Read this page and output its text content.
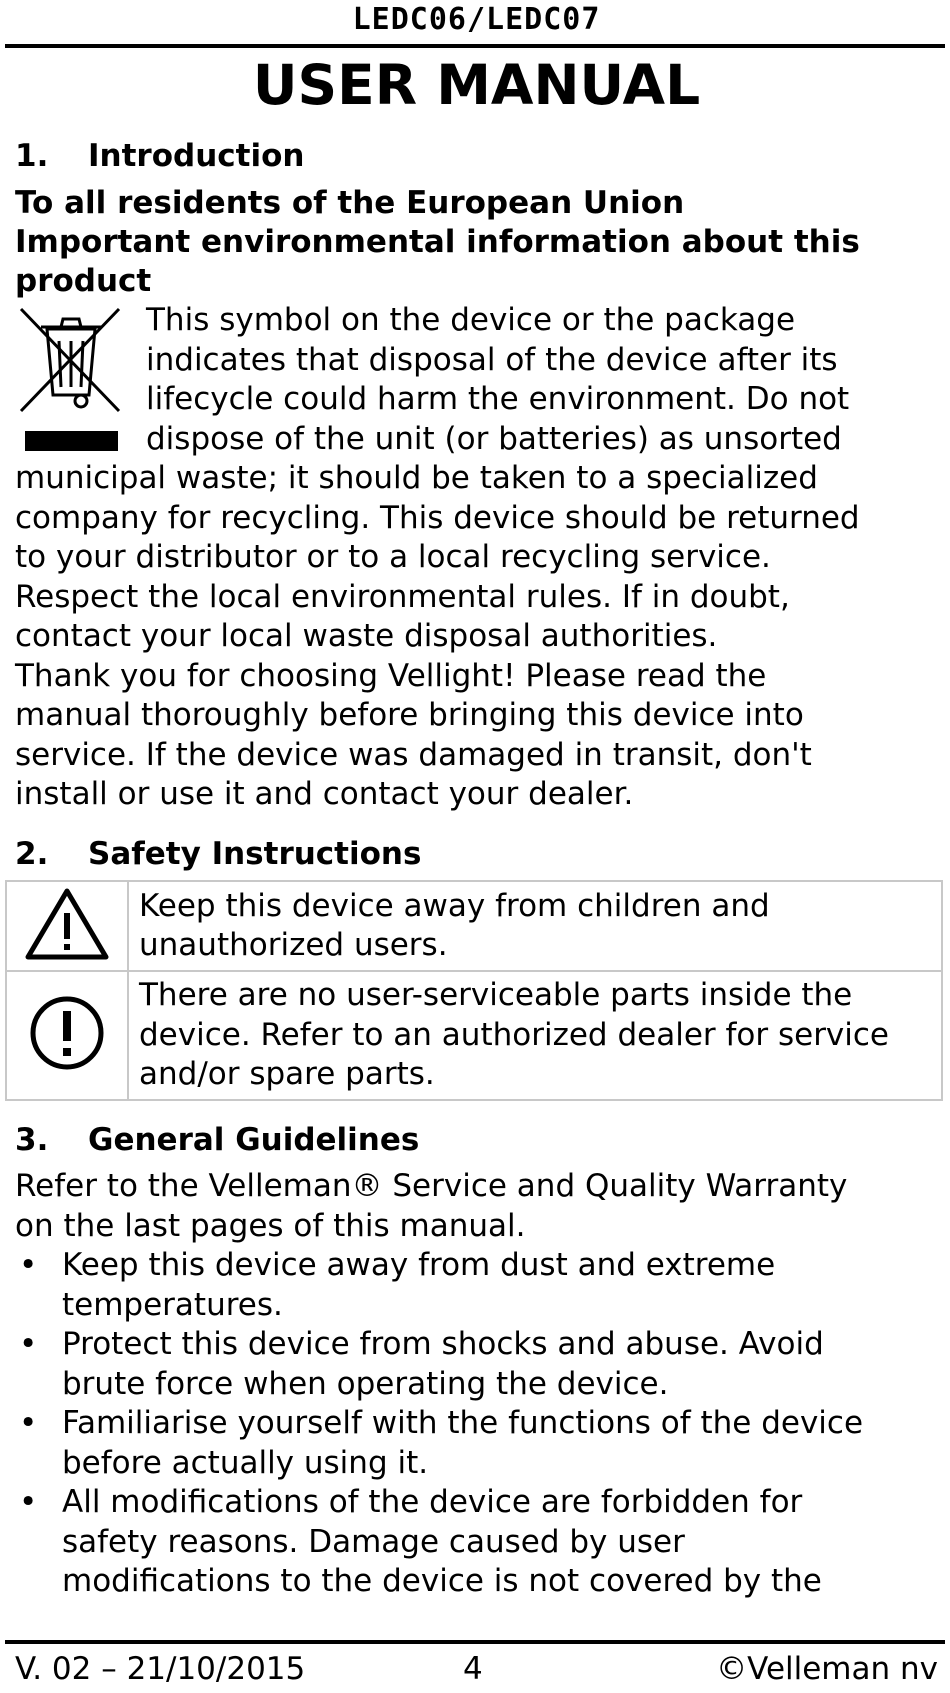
LEDC06/LEDC07
USER MANUAL
1. Introduction
To all residents of the European Union
Important environmental information about this
product
This symbol on the device or the package
indicates that disposal of the device after its
lifecycle could harm the environment. Do not
dispose of the unit (or batteries) as unsorted
municipal waste; it should be taken to a specialized
company for recycling. This device should be returned
to your distributor or to a local recycling service.
Respect the local environmental rules. If in doubt,
contact your local waste disposal authorities.
Thank you for choosing Vellight! Please read the
manual thoroughly before bringing this device into
service. If the device was damaged in transit, don't
install or use it and contact your dealer.
2. Safety Instructions

Keep this device away from children and
unauthorized users.

There are no user-serviceable parts inside the
device. Refer to an authorized dealer for service
and/or spare parts.
3. General Guidelines
Refer to the Velleman® Service and Quality Warranty
on the last pages of this manual.
• Keep this device away from dust and extreme
temperatures.
• Protect this device from shocks and abuse. Avoid
brute force when operating the device.
• Familiarise yourself with the functions of the device
before actually using it.
• All modifications of the device are forbidden for
safety reasons. Damage caused by user
modifications to the device is not covered by the
V. 02 – 21/10/2015	4	©Velleman nv
